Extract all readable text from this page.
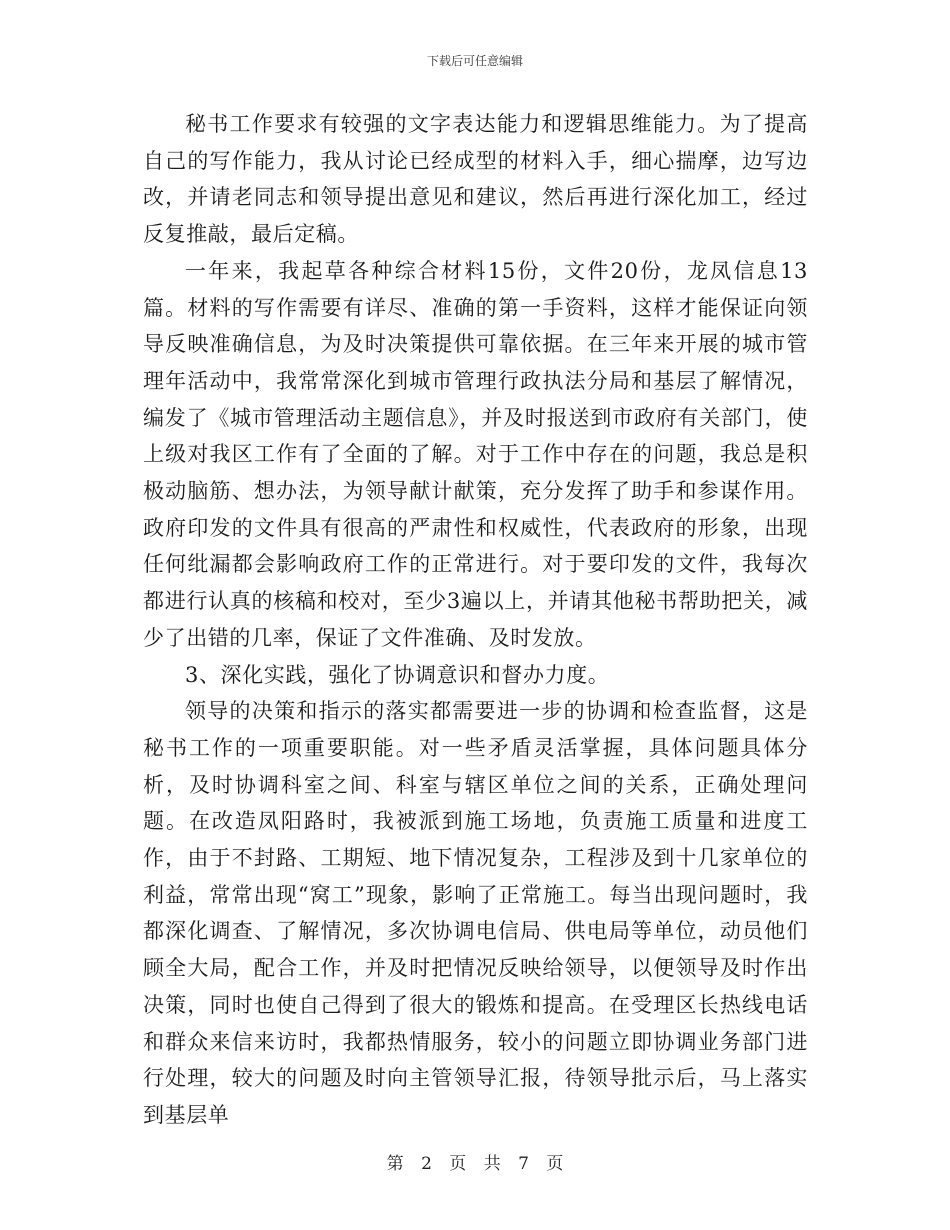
下载后可任意编辑

秘书工作要求有较强的文字表达能力和逻辑思维能力。为了提高自己的写作能力，我从讨论已经成型的材料入手，细心揣摩，边写边改，并请老同志和领导提出意见和建议，然后再进行深化加工，经过反复推敲，最后定稿。

一年来，我起草各种综合材料15份，文件20份，龙凤信息13篇。材料的写作需要有详尽、准确的第一手资料，这样才能保证向领导反映准确信息，为及时决策提供可靠依据。在三年来开展的城市管理年活动中，我常常深化到城市管理行政执法分局和基层了解情况，编发了《城市管理活动主题信息》，并及时报送到市政府有关部门，使上级对我区工作有了全面的了解。对于工作中存在的问题，我总是积极动脑筋、想办法，为领导献计献策，充分发挥了助手和参谋作用。政府印发的文件具有很高的严肃性和权威性，代表政府的形象，出现任何纰漏都会影响政府工作的正常进行。对于要印发的文件，我每次都进行认真的核稿和校对，至少3遍以上，并请其他秘书帮助把关，减少了出错的几率，保证了文件准确、及时发放。

3、深化实践，强化了协调意识和督办力度。

领导的决策和指示的落实都需要进一步的协调和检查监督，这是秘书工作的一项重要职能。对一些矛盾灵活掌握，具体问题具体分析，及时协调科室之间、科室与辖区单位之间的关系，正确处理问题。在改造凤阳路时，我被派到施工场地，负责施工质量和进度工作，由于不封路、工期短、地下情况复杂，工程涉及到十几家单位的利益，常常出现“窝工”现象，影响了正常施工。每当出现问题时，我都深化调查、了解情况，多次协调电信局、供电局等单位，动员他们顾全大局，配合工作，并及时把情况反映给领导，以便领导及时作出决策，同时也使自己得到了很大的锻炼和提高。在受理区长热线电话和群众来信来访时，我都热情服务，较小的问题立即协调业务部门进行处理，较大的问题及时向主管领导汇报，待领导批示后，马上落实到基层单

第 2 页 共 7 页
